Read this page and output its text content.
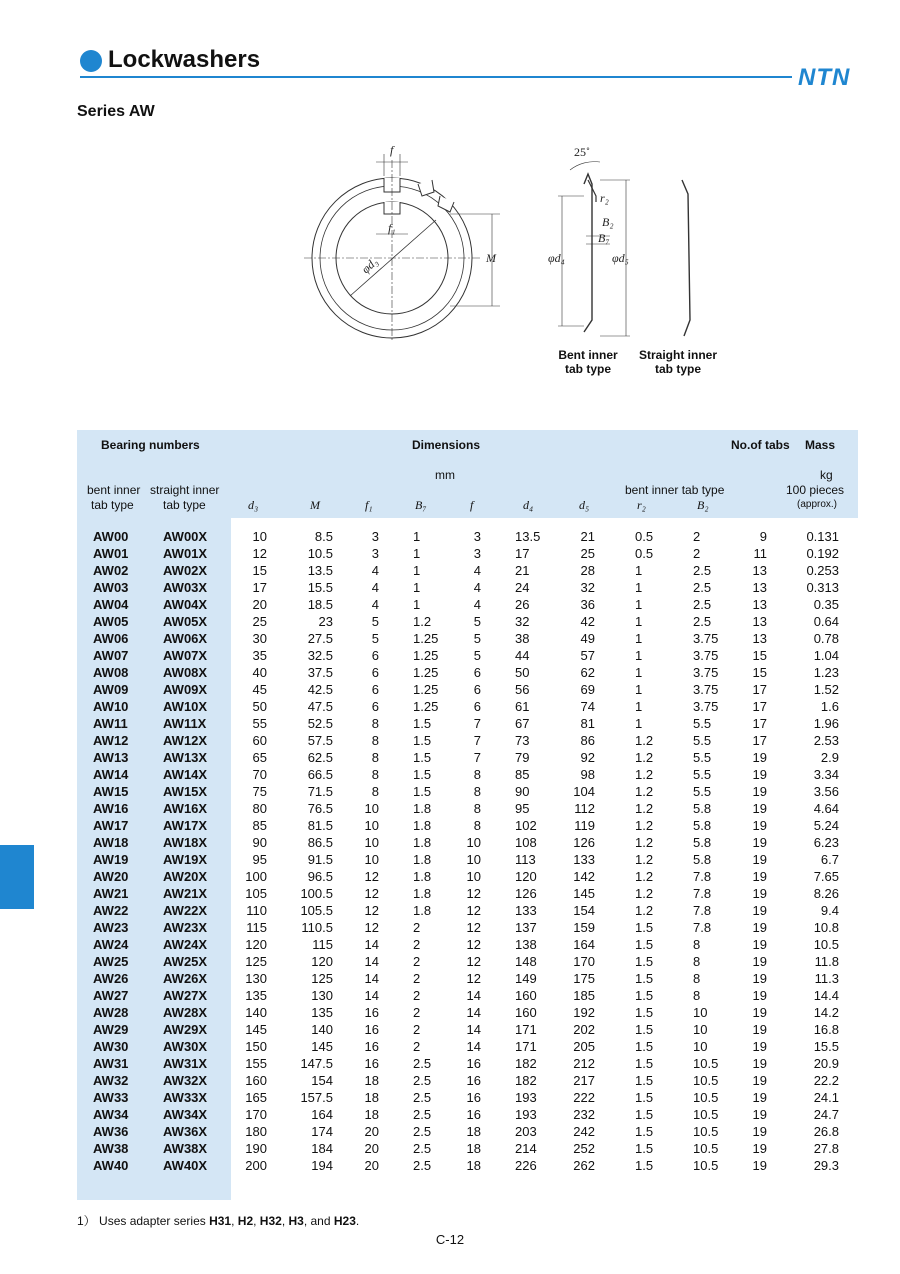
Lockwashers
NTN
Series AW
f
f₁
φd₃	M
25˚
r₂
B₂
B₇
φd₄	φd₅
Bent inner
tab type
Straight inner
tab type
Bearing numbers	Dimensions	No.of tabs Mass
mm	kg
bent inner tab type	100 pieces
(approx.)
bent inner
tab type
straight inner
tab type	d₃	M	f₁	B₇	f	d₄	d₅	r₂	B₂
AW00	AW00X	10	8.5	3	1	3	13.5	21	0.5	2	9	0.131
AW01	AW01X	12	10.5	3	1	3	17	25	0.5	2	11	0.192
AW02	AW02X	15	13.5	4	1	4	21	28	1	2.5	13	0.253
AW03	AW03X	17	15.5	4	1	4	24	32	1	2.5	13	0.313
AW04	AW04X	20	18.5	4	1	4	26	36	1	2.5	13	0.35
AW05	AW05X	25	23	5	1.2	5	32	42	1	2.5	13	0.64
AW06	AW06X	30	27.5	5	1.25	5	38	49	1	3.75	13	0.78
AW07	AW07X	35	32.5	6	1.25	5	44	57	1	3.75	15	1.04
AW08	AW08X	40	37.5	6	1.25	6	50	62	1	3.75	15	1.23
AW09	AW09X	45	42.5	6	1.25	6	56	69	1	3.75	17	1.52
AW10	AW10X	50	47.5	6	1.25	6	61	74	1	3.75	17	1.6
AW11	AW11X	55	52.5	8	1.5	7	67	81	1	5.5	17	1.96
AW12	AW12X	60	57.5	8	1.5	7	73	86	1.2	5.5	17	2.53
AW13	AW13X	65	62.5	8	1.5	7	79	92	1.2	5.5	19	2.9
AW14	AW14X	70	66.5	8	1.5	8	85	98	1.2	5.5	19	3.34
AW15	AW15X	75	71.5	8	1.5	8	90	104	1.2	5.5	19	3.56
AW16	AW16X	80	76.5	10	1.8	8	95	112	1.2	5.8	19	4.64
AW17	AW17X	85	81.5	10	1.8	8	102	119	1.2	5.8	19	5.24
AW18	AW18X	90	86.5	10	1.8	10	108	126	1.2	5.8	19	6.23
AW19	AW19X	95	91.5	10	1.8	10	113	133	1.2	5.8	19	6.7
AW20	AW20X	100	96.5	12	1.8	10	120	142	1.2	7.8	19	7.65
AW21	AW21X	105	100.5	12	1.8	12	126	145	1.2	7.8	19	8.26
AW22	AW22X	110	105.5	12	1.8	12	133	154	1.2	7.8	19	9.4
AW23	AW23X	115	110.5	12	2	12	137	159	1.5	7.8	19	10.8
AW24	AW24X	120	115	14	2	12	138	164	1.5	8	19	10.5
AW25	AW25X	125	120	14	2	12	148	170	1.5	8	19	11.8
AW26	AW26X	130	125	14	2	12	149	175	1.5	8	19	11.3
AW27	AW27X	135	130	14	2	14	160	185	1.5	8	19	14.4
AW28	AW28X	140	135	16	2	14	160	192	1.5	10	19	14.2
AW29	AW29X	145	140	16	2	14	171	202	1.5	10	19	16.8
AW30	AW30X	150	145	16	2	14	171	205	1.5	10	19	15.5
AW31	AW31X	155	147.5	16	2.5	16	182	212	1.5	10.5	19	20.9
AW32	AW32X	160	154	18	2.5	16	182	217	1.5	10.5	19	22.2
AW33	AW33X	165	157.5	18	2.5	16	193	222	1.5	10.5	19	24.1
AW34	AW34X	170	164	18	2.5	16	193	232	1.5	10.5	19	24.7
AW36	AW36X	180	174	20	2.5	18	203	242	1.5	10.5	19	26.8
AW38	AW38X	190	184	20	2.5	18	214	252	1.5	10.5	19	27.8
AW40	AW40X	200	194	20	2.5	18	226	262	1.5	10.5	19	29.3
1） Uses adapter series H31, H2, H32, H3, and H23.
C-12
